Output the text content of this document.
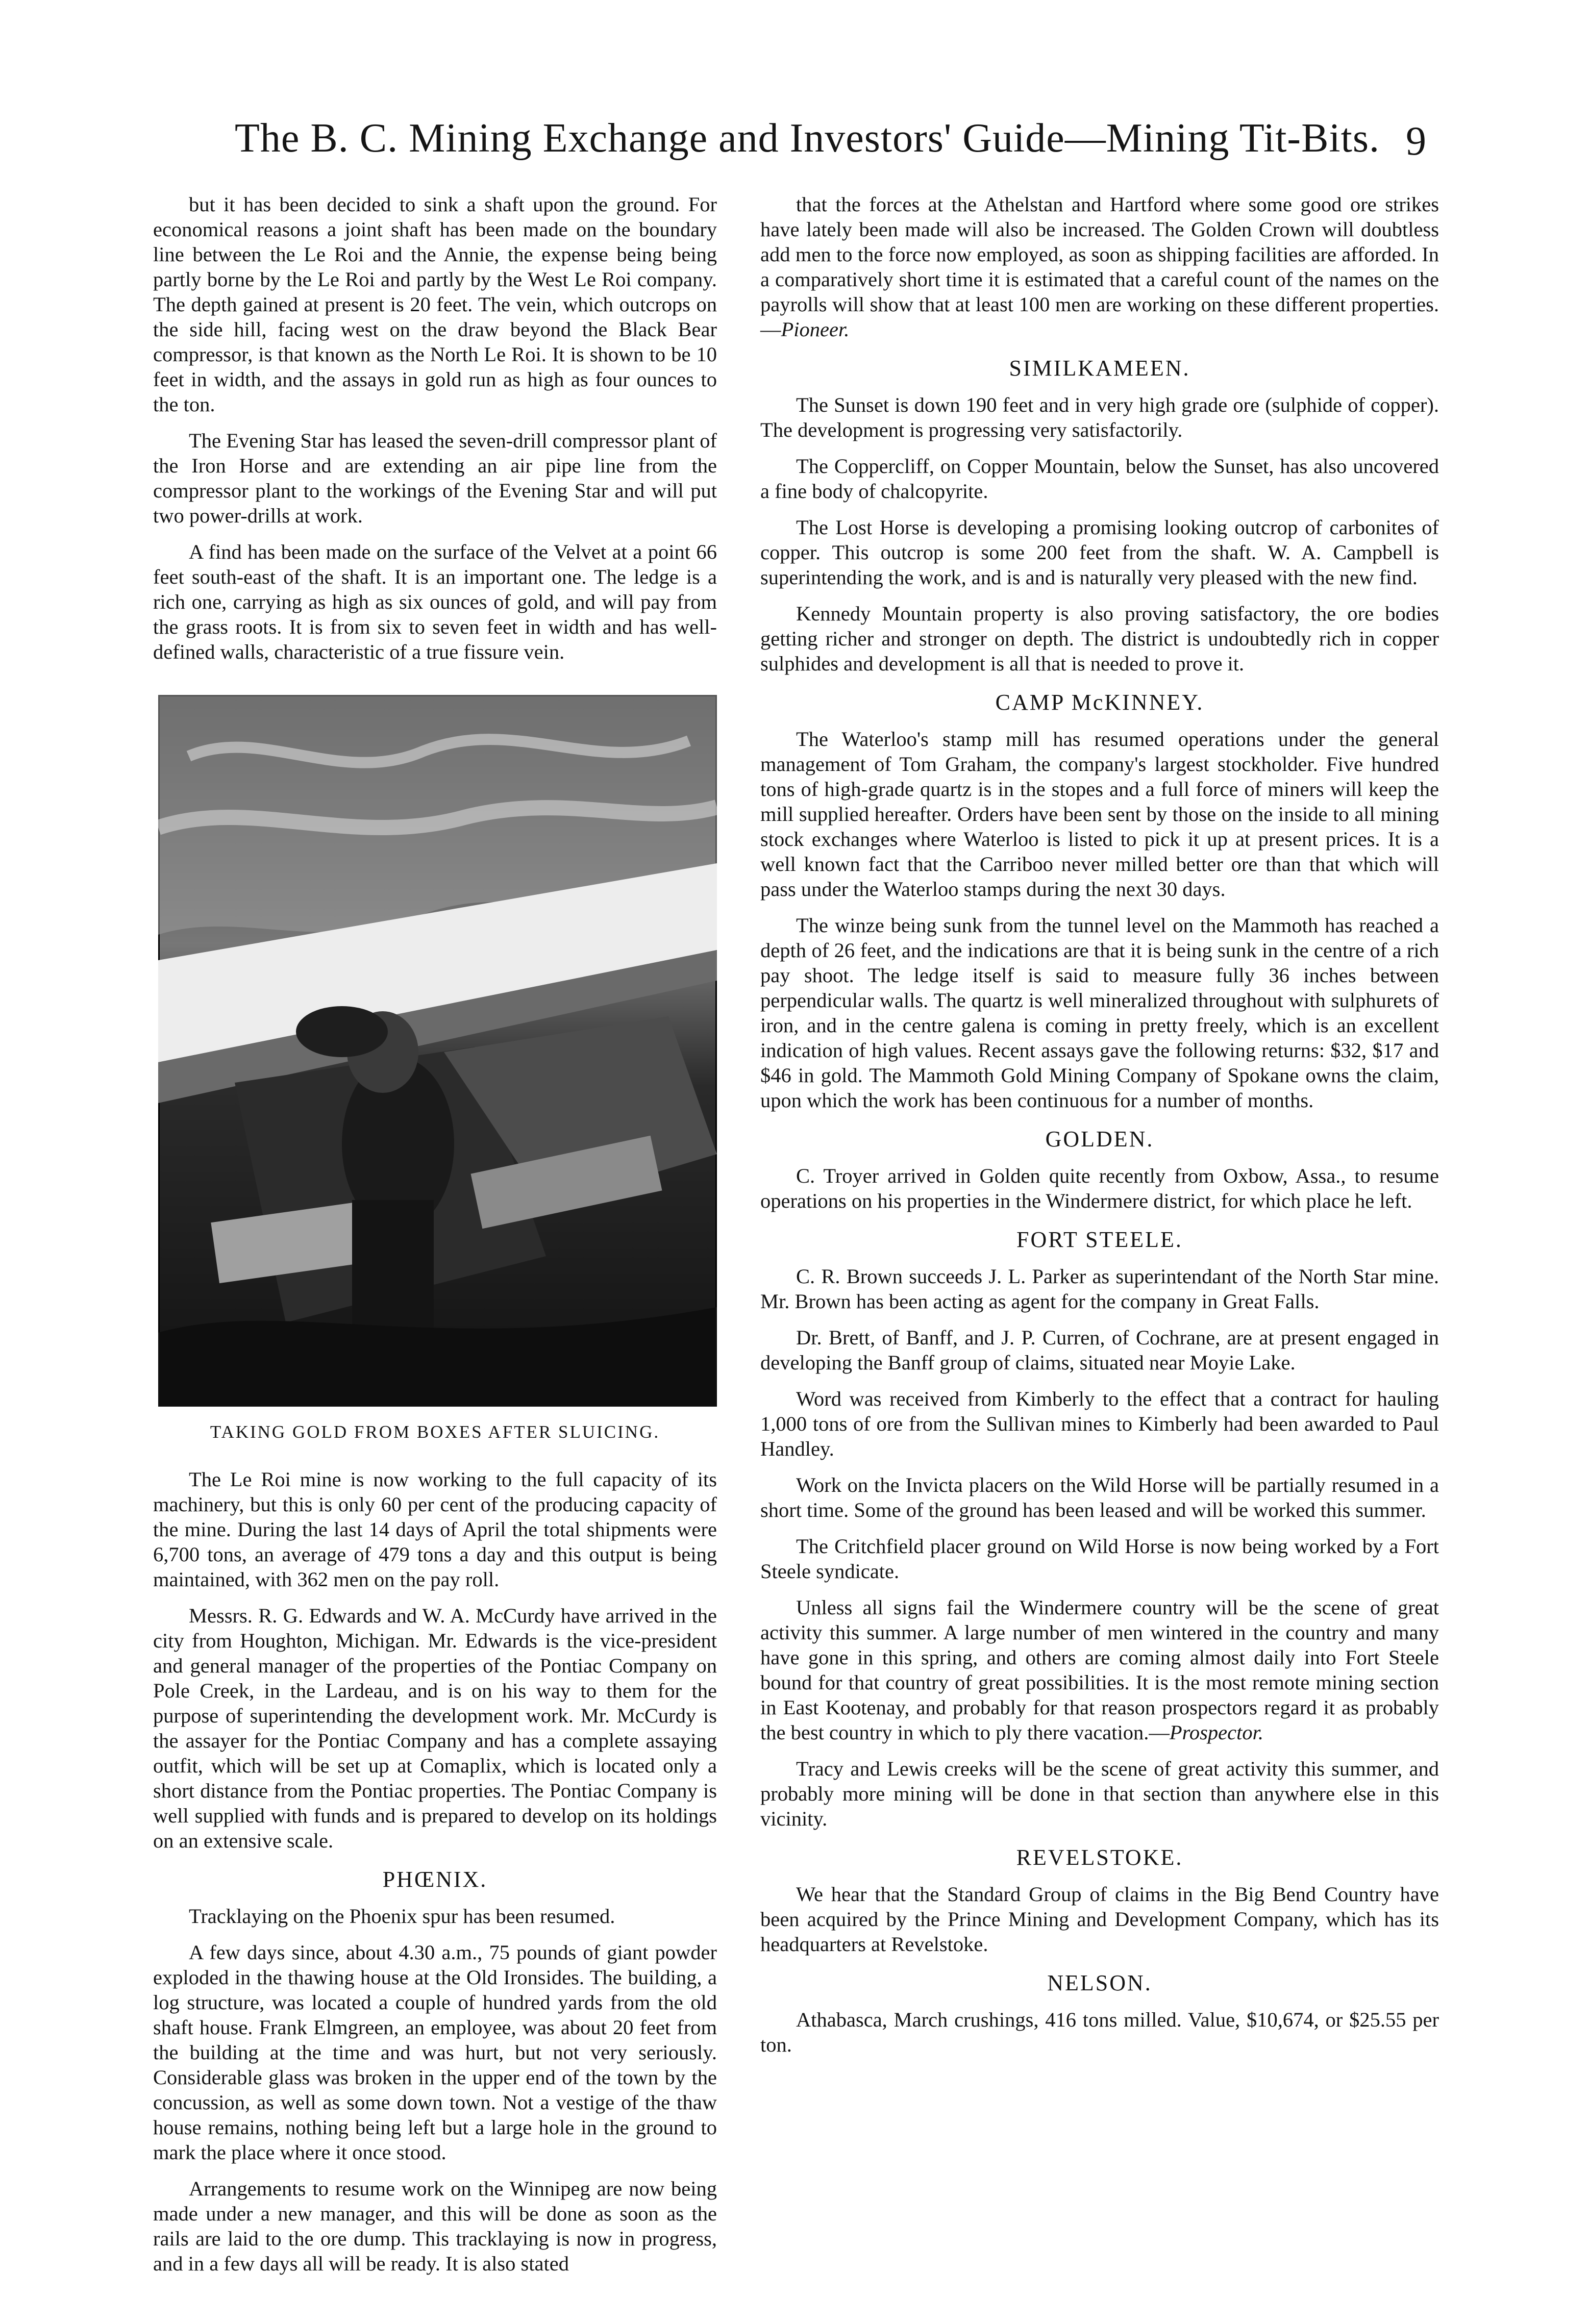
The B. C. Mining Exchange and Investors' Guide—Mining Tit-Bits. 9

but it has been decided to sink a shaft upon the ground. For economical reasons a joint shaft has been made on the boundary line between the Le Roi and the Annie, the expense being being partly borne by the Le Roi and partly by the West Le Roi company. The depth gained at present is 20 feet. The vein, which outcrops on the side hill, facing west on the draw beyond the Black Bear compressor, is that known as the North Le Roi. It is shown to be 10 feet in width, and the assays in gold run as high as four ounces to the ton.

The Evening Star has leased the seven-drill compressor plant of the Iron Horse and are extending an air pipe line from the compressor plant to the workings of the Evening Star and will put two power-drills at work.

A find has been made on the surface of the Velvet at a point 66 feet south-east of the shaft. It is an important one. The ledge is a rich one, carrying as high as six ounces of gold, and will pay from the grass roots. It is from six to seven feet in width and has well-defined walls, characteristic of a true fissure vein.

TAKING GOLD FROM BOXES AFTER SLUICING.

The Le Roi mine is now working to the full capacity of its machinery, but this is only 60 per cent of the producing capacity of the mine. During the last 14 days of April the total shipments were 6,700 tons, an average of 479 tons a day and this output is being maintained, with 362 men on the pay roll.

Messrs. R. G. Edwards and W. A. McCurdy have arrived in the city from Houghton, Michigan. Mr. Edwards is the vice-president and general manager of the properties of the Pontiac Company on Pole Creek, in the Lardeau, and is on his way to them for the purpose of superintending the development work. Mr. McCurdy is the assayer for the Pontiac Company and has a complete assaying outfit, which will be set up at Comaplix, which is located only a short distance from the Pontiac properties. The Pontiac Company is well supplied with funds and is prepared to develop on its holdings on an extensive scale.

PHŒNIX.

Tracklaying on the Phoenix spur has been resumed.

A few days since, about 4.30 a.m., 75 pounds of giant powder exploded in the thawing house at the Old Ironsides. The building, a log structure, was located a couple of hundred yards from the old shaft house. Frank Elmgreen, an employee, was about 20 feet from the building at the time and was hurt, but not very seriously. Considerable glass was broken in the upper end of the town by the concussion, as well as some down town. Not a vestige of the thaw house remains, nothing being left but a large hole in the ground to mark the place where it once stood.

Arrangements to resume work on the Winnipeg are now being made under a new manager, and this will be done as soon as the rails are laid to the ore dump. This tracklaying is now in progress, and in a few days all will be ready. It is also stated

that the forces at the Athelstan and Hartford where some good ore strikes have lately been made will also be increased. The Golden Crown will doubtless add men to the force now employed, as soon as shipping facilities are afforded. In a comparatively short time it is estimated that a careful count of the names on the payrolls will show that at least 100 men are working on these different properties.—Pioneer.

SIMILKAMEEN.

The Sunset is down 190 feet and in very high grade ore (sulphide of copper). The development is progressing very satisfactorily.

The Coppercliff, on Copper Mountain, below the Sunset, has also uncovered a fine body of chalcopyrite.

The Lost Horse is developing a promising looking outcrop of carbonites of copper. This outcrop is some 200 feet from the shaft. W. A. Campbell is superintending the work, and is and is naturally very pleased with the new find.

Kennedy Mountain property is also proving satisfactory, the ore bodies getting richer and stronger on depth. The district is undoubtedly rich in copper sulphides and development is all that is needed to prove it.

CAMP McKINNEY.

The Waterloo's stamp mill has resumed operations under the general management of Tom Graham, the company's largest stockholder. Five hundred tons of high-grade quartz is in the stopes and a full force of miners will keep the mill supplied hereafter. Orders have been sent by those on the inside to all mining stock exchanges where Waterloo is listed to pick it up at present prices. It is a well known fact that the Carriboo never milled better ore than that which will pass under the Waterloo stamps during the next 30 days.

The winze being sunk from the tunnel level on the Mammoth has reached a depth of 26 feet, and the indications are that it is being sunk in the centre of a rich pay shoot. The ledge itself is said to measure fully 36 inches between perpendicular walls. The quartz is well mineralized throughout with sulphurets of iron, and in the centre galena is coming in pretty freely, which is an excellent indication of high values. Recent assays gave the following returns: $32, $17 and $46 in gold. The Mammoth Gold Mining Company of Spokane owns the claim, upon which the work has been continuous for a number of months.

GOLDEN.

C. Troyer arrived in Golden quite recently from Oxbow, Assa., to resume operations on his properties in the Windermere district, for which place he left.

FORT STEELE.

C. R. Brown succeeds J. L. Parker as superintendant of the North Star mine. Mr. Brown has been acting as agent for the company in Great Falls.

Dr. Brett, of Banff, and J. P. Curren, of Cochrane, are at present engaged in developing the Banff group of claims, situated near Moyie Lake.

Word was received from Kimberly to the effect that a contract for hauling 1,000 tons of ore from the Sullivan mines to Kimberly had been awarded to Paul Handley.

Work on the Invicta placers on the Wild Horse will be partially resumed in a short time. Some of the ground has been leased and will be worked this summer.

The Critchfield placer ground on Wild Horse is now being worked by a Fort Steele syndicate.

Unless all signs fail the Windermere country will be the scene of great activity this summer. A large number of men wintered in the country and many have gone in this spring, and others are coming almost daily into Fort Steele bound for that country of great possibilities. It is the most remote mining section in East Kootenay, and probably for that reason prospectors regard it as probably the best country in which to ply there vacation.—Prospector.

Tracy and Lewis creeks will be the scene of great activity this summer, and probably more mining will be done in that section than anywhere else in this vicinity.

REVELSTOKE.

We hear that the Standard Group of claims in the Big Bend Country have been acquired by the Prince Mining and Development Company, which has its headquarters at Revelstoke.

NELSON.

Athabasca, March crushings, 416 tons milled. Value, $10,674, or $25.55 per ton.
